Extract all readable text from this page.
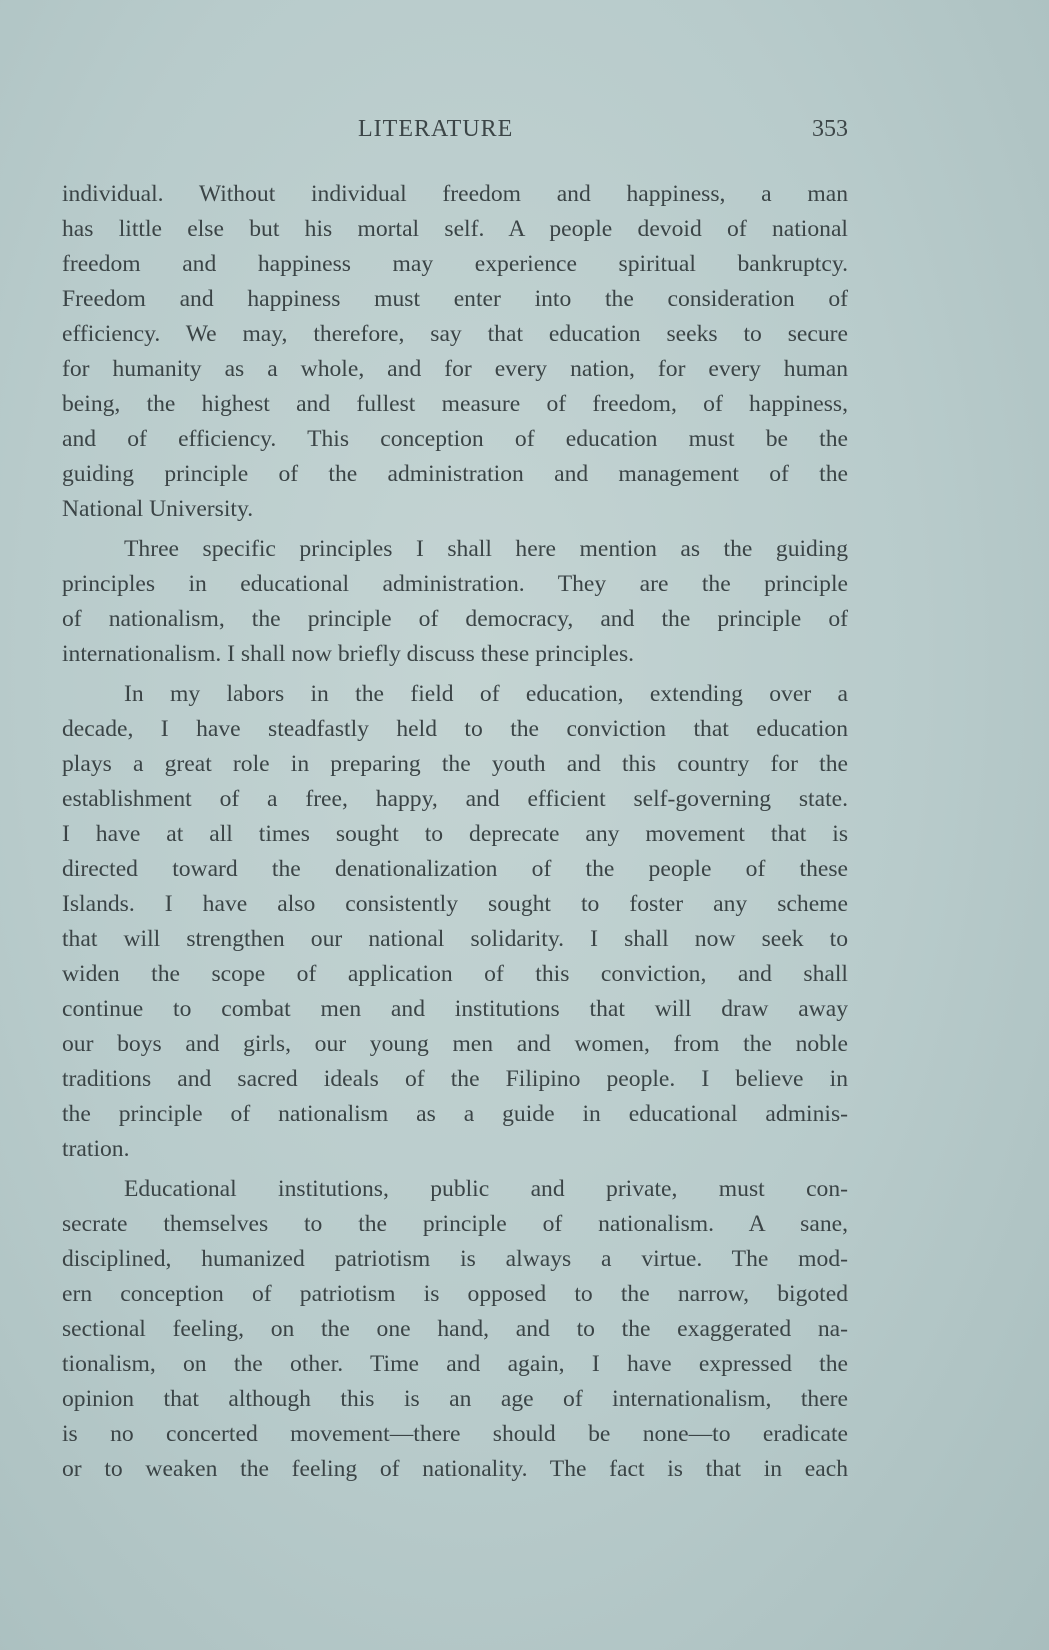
LITERATURE	353
individual. Without individual freedom and happiness, a man
has little else but his mortal self. A people devoid of national
freedom and happiness may experience spiritual bankruptcy.
Freedom and happiness must enter into the consideration of
efficiency. We may, therefore, say that education seeks to secure
for humanity as a whole, and for every nation, for every human
being, the highest and fullest measure of freedom, of happiness,
and of efficiency. This conception of education must be the
guiding principle of the administration and management of the
National University.
Three specific principles I shall here mention as the guiding
principles in educational administration. They are the principle
of nationalism, the principle of democracy, and the principle of
internationalism. I shall now briefly discuss these principles.
In my labors in the field of education, extending over a
decade, I have steadfastly held to the conviction that education
plays a great role in preparing the youth and this country for the
establishment of a free, happy, and efficient self-governing state.
I have at all times sought to deprecate any movement that is
directed toward the denationalization of the people of these
Islands. I have also consistently sought to foster any scheme
that will strengthen our national solidarity. I shall now seek to
widen the scope of application of this conviction, and shall
continue to combat men and institutions that will draw away
our boys and girls, our young men and women, from the noble
traditions and sacred ideals of the Filipino people. I believe in
the principle of nationalism as a guide in educational adminis-
tration.
Educational institutions, public and private, must con-
secrate themselves to the principle of nationalism. A sane,
disciplined, humanized patriotism is always a virtue. The mod-
ern conception of patriotism is opposed to the narrow, bigoted
sectional feeling, on the one hand, and to the exaggerated na-
tionalism, on the other. Time and again, I have expressed the
opinion that although this is an age of internationalism, there
is no concerted movement—there should be none—to eradicate
or to weaken the feeling of nationality. The fact is that in each
